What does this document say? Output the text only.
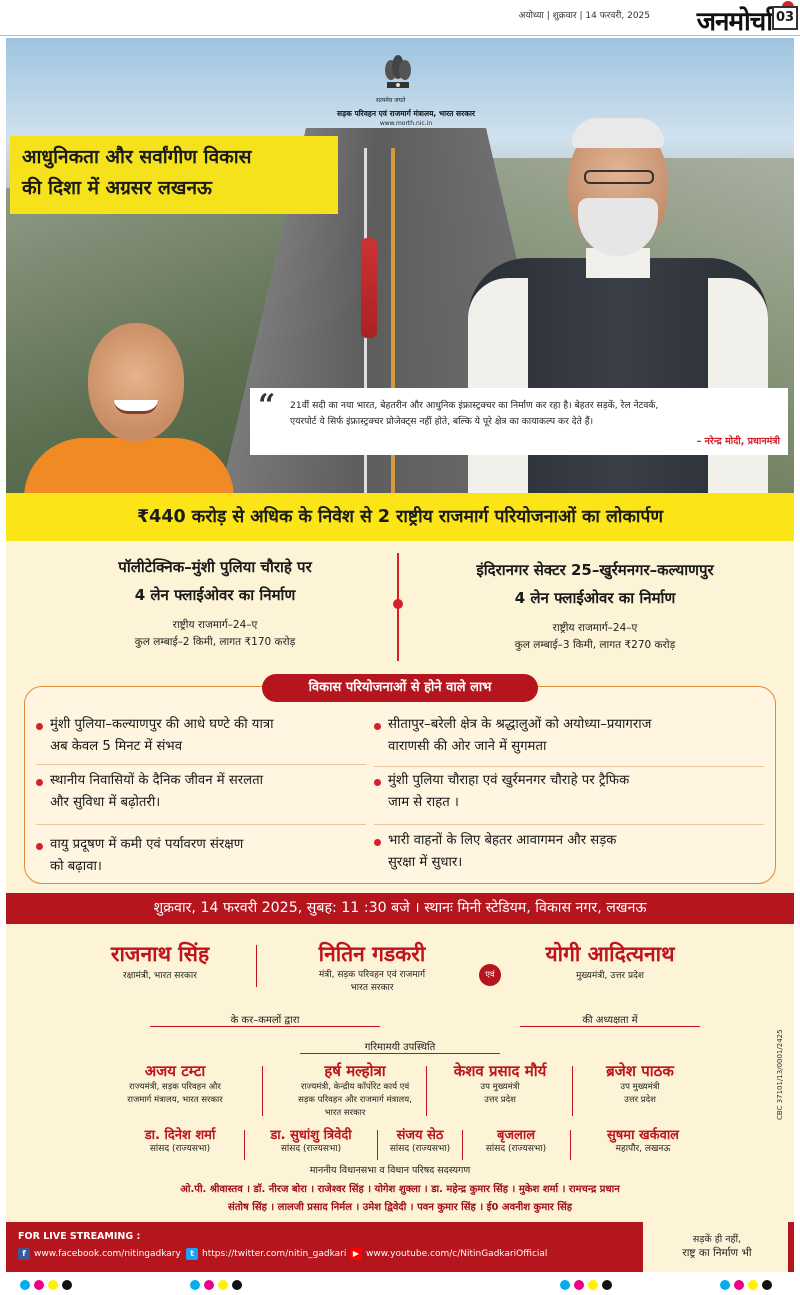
अयोध्या | शुक्रवार | 14 फरवरी, 2025 जनमोर्चा 03
सत्यमेव जयते
सड़क परिवहन एवं राजमार्ग मंत्रालय, भारत सरकार
www.morth.nic.in
आधुनिकता और सर्वांगीण विकास
की दिशा में अग्रसर लखनऊ
“ 21वीं सदी का नया भारत, बेहतरीन और आधुनिक इंफ्रास्ट्रक्चर का निर्माण कर रहा है। बेहतर सड़कें, रेल नेटवर्क,
एयरपोर्ट ये सिर्फ इंफ्रास्ट्रक्चर प्रोजेक्ट्स नहीं होते, बल्कि ये पूरे क्षेत्र का कायाकल्प कर देते हैं।
– नरेन्द्र मोदी, प्रधानमंत्री
₹440 करोड़ से अधिक के निवेश से 2 राष्ट्रीय राजमार्ग परियोजनाओं का लोकार्पण
पॉलीटेक्निक–मुंशी पुलिया चौराहे पर
4 लेन फ्लाईओवर का निर्माण
राष्ट्रीय राजमार्ग–24–ए
कुल लम्बाई–2 किमी, लागत ₹170 करोड़
इंदिरानगर सेक्टर 25–खुर्रमनगर–कल्याणपुर
4 लेन फ्लाईओवर का निर्माण
राष्ट्रीय राजमार्ग–24–ए
कुल लम्बाई–3 किमी, लागत ₹270 करोड़
विकास परियोजनाओं से होने वाले लाभ
मुंशी पुलिया–कल्याणपुर की आधे घण्टे की यात्रा
अब केवल 5 मिनट में संभव
स्थानीय निवासियों के दैनिक जीवन में सरलता
और सुविधा में बढ़ोतरी।
वायु प्रदूषण में कमी एवं पर्यावरण संरक्षण
को बढ़ावा।
सीतापुर–बरेली क्षेत्र के श्रद्धालुओं को अयोध्या–प्रयागराज
वाराणसी की ओर जाने में सुगमता
मुंशी पुलिया चौराहा एवं खुर्रमनगर चौराहे पर ट्रैफिक
जाम से राहत ।
भारी वाहनों के लिए बेहतर आवागमन और सड़क
सुरक्षा में सुधार।
शुक्रवार, 14 फरवरी 2025, सुबह: 11 :30 बजे । स्थानः मिनी स्टेडियम, विकास नगर, लखनऊ
राजनाथ सिंह
रक्षामंत्री, भारत सरकार
नितिन गडकरी
मंत्री, सड़क परिवहन एवं राजमार्ग
भारत सरकार
एवं
योगी आदित्यनाथ
मुख्यमंत्री, उत्तर प्रदेश
के कर–कमलों द्वारा	की अध्यक्षता में
गरिमामयी उपस्थिति
अजय टम्टा
राज्यमंत्री, सड़क परिवहन और
राजमार्ग मंत्रालय, भारत सरकार
हर्ष मल्होत्रा
राज्यमंत्री, केन्द्रीय कॉर्पोरेट कार्य एवं
सड़क परिवहन और राजमार्ग मंत्रालय,
भारत सरकार
केशव प्रसाद मौर्य
उप मुख्यमंत्री
उत्तर प्रदेश
ब्रजेश पाठक
उप मुख्यमंत्री
उत्तर प्रदेश
डा. दिनेश शर्मा
सांसद (राज्यसभा)
डा. सुधांशु त्रिवेदी
सांसद (राज्यसभा)
संजय सेठ
सांसद (राज्यसभा)
बृजलाल
सांसद (राज्यसभा)
सुषमा खर्कवाल
महापौर, लखनऊ
माननीय विधानसभा व विधान परिषद सदस्यगण
ओ.पी. श्रीवास्तव । डॉ. नीरज बोरा । राजेश्वर सिंह । योगेश शुक्ला । डा. महेन्द्र कुमार सिंह । मुकेश शर्मा । रामचन्द्र प्रधान
संतोष सिंह । लालजी प्रसाद निर्मल । उमेश द्विवेदी । पवन कुमार सिंह । ई0 अवनीश कुमार सिंह
CBC 37101/13/0001/2425
FOR LIVE STREAMING :
f www.facebook.com/nitingadkary	t https://twitter.com/nitin_gadkari ▶ www.youtube.com/c/NitinGadkariOfficial
सड़कें ही नहीं,
राष्ट्र का निर्माण भी
